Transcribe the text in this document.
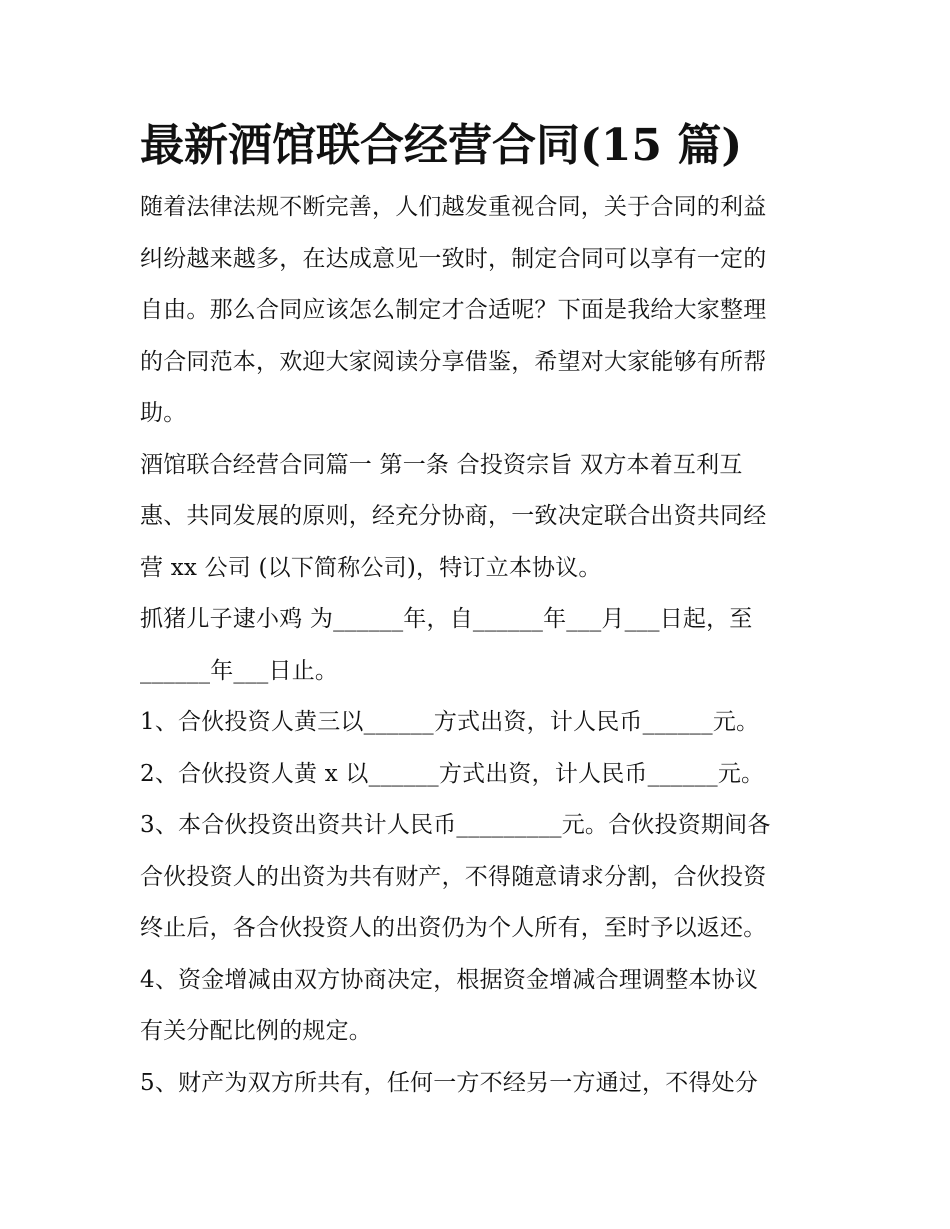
最新酒馆联合经营合同(15 篇)
随着法律法规不断完善，人们越发重视合同，关于合同的利益
纠纷越来越多，在达成意见一致时，制定合同可以享有一定的
自由。那么合同应该怎么制定才合适呢？下面是我给大家整理
的合同范本，欢迎大家阅读分享借鉴，希望对大家能够有所帮
助。
酒馆联合经营合同篇一 第一条 合投资宗旨 双方本着互利互
惠、共同发展的原则，经充分协商，一致决定联合出资共同经
营 xx 公司 (以下简称公司)，特订立本协议。
抓猪儿子逮小鸡 为______年，自______年___月___日起，至
______年___日止。
1、合伙投资人黄三以______方式出资，计人民币______元。
2、合伙投资人黄 x 以______方式出资，计人民币______元。
3、本合伙投资出资共计人民币_________元。合伙投资期间各
合伙投资人的出资为共有财产，不得随意请求分割，合伙投资
终止后，各合伙投资人的出资仍为个人所有，至时予以返还。
4、资金增减由双方协商决定，根据资金增减合理调整本协议
有关分配比例的规定。
5、财产为双方所共有，任何一方不经另一方通过，不得处分
